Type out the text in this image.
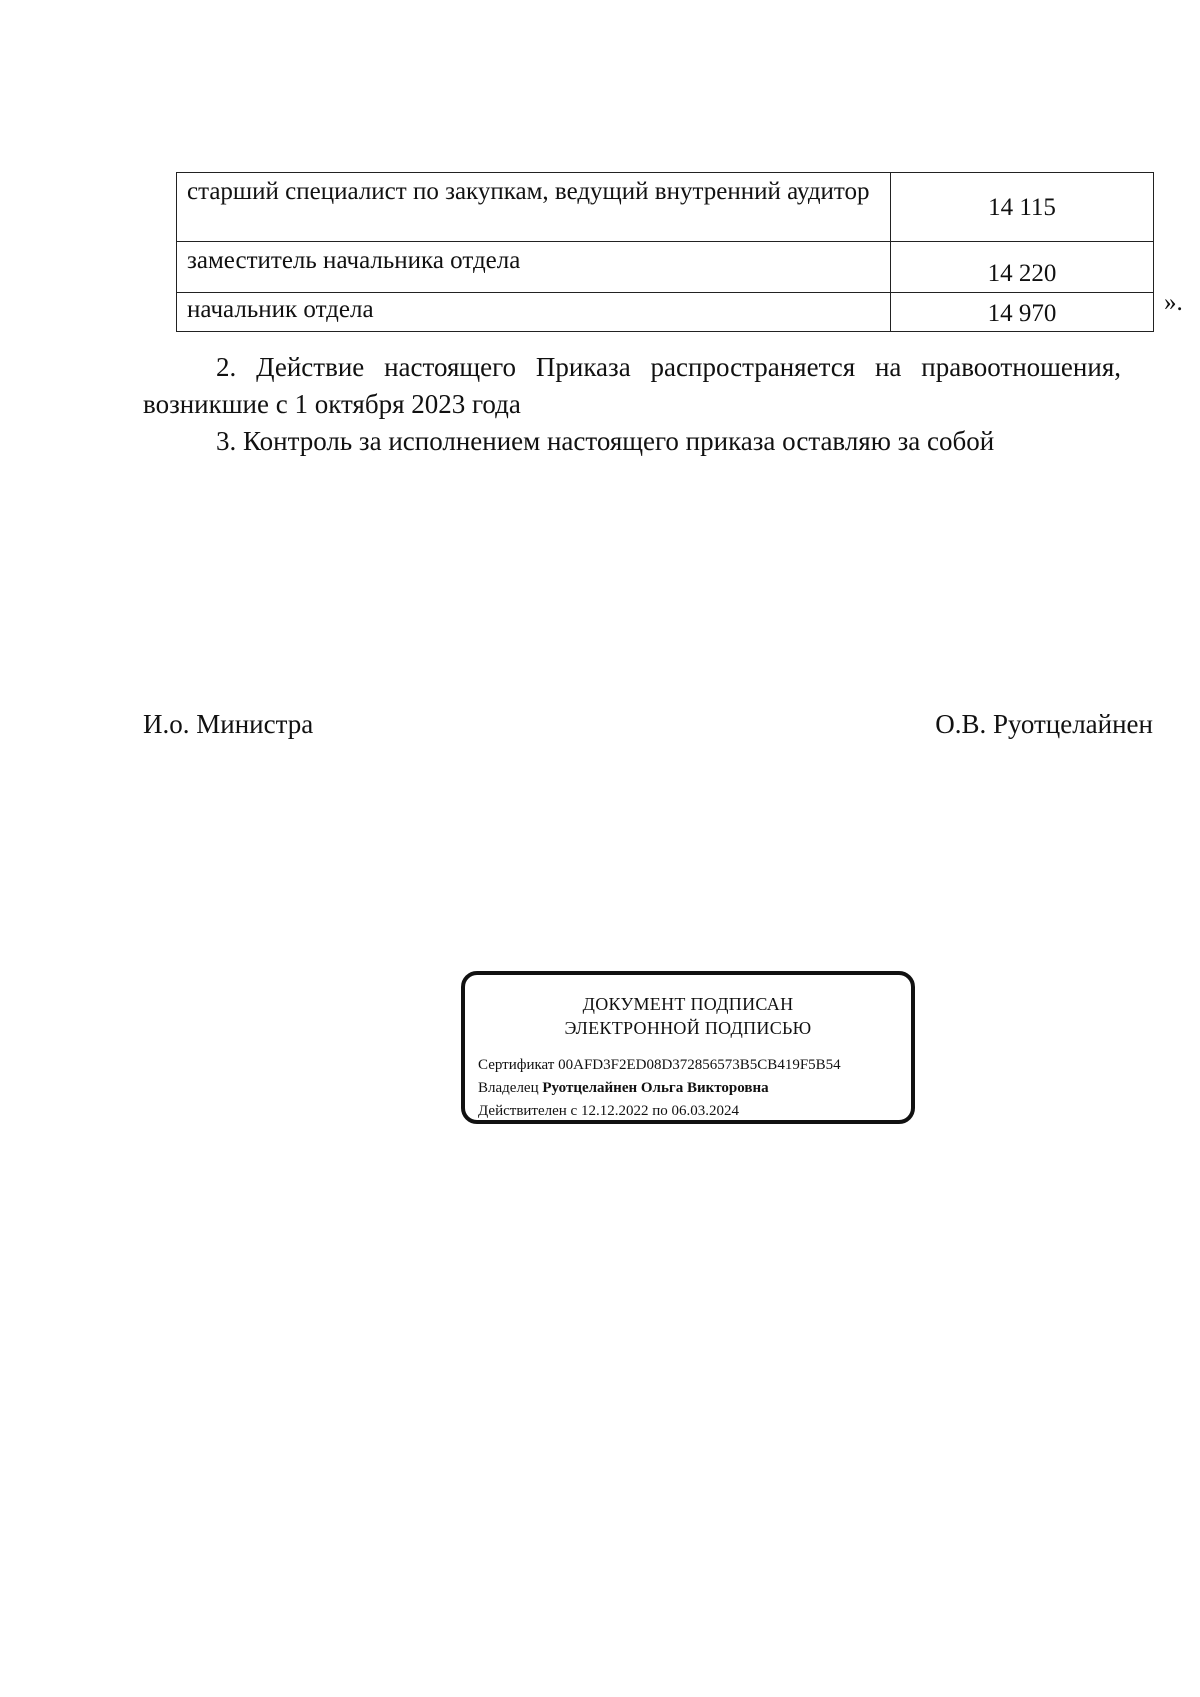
старший специалист по закупкам, ведущий внутренний аудитор	14 115
заместитель начальника отдела	14 220
начальник отдела	14 970	».
2. Действие настоящего Приказа распространяется на правоотношения, возникшие с 1 октября 2023 года
3. Контроль за исполнением настоящего приказа оставляю за собой
И.о. Министра	О.В. Руотцелайнен
ДОКУМЕНТ ПОДПИСАН
ЭЛЕКТРОННОЙ ПОДПИСЬЮ
Сертификат 00AFD3F2ED08D372856573B5CB419F5B54
Владелец Руотцелайнен Ольга Викторовна
Действителен с 12.12.2022 по 06.03.2024
